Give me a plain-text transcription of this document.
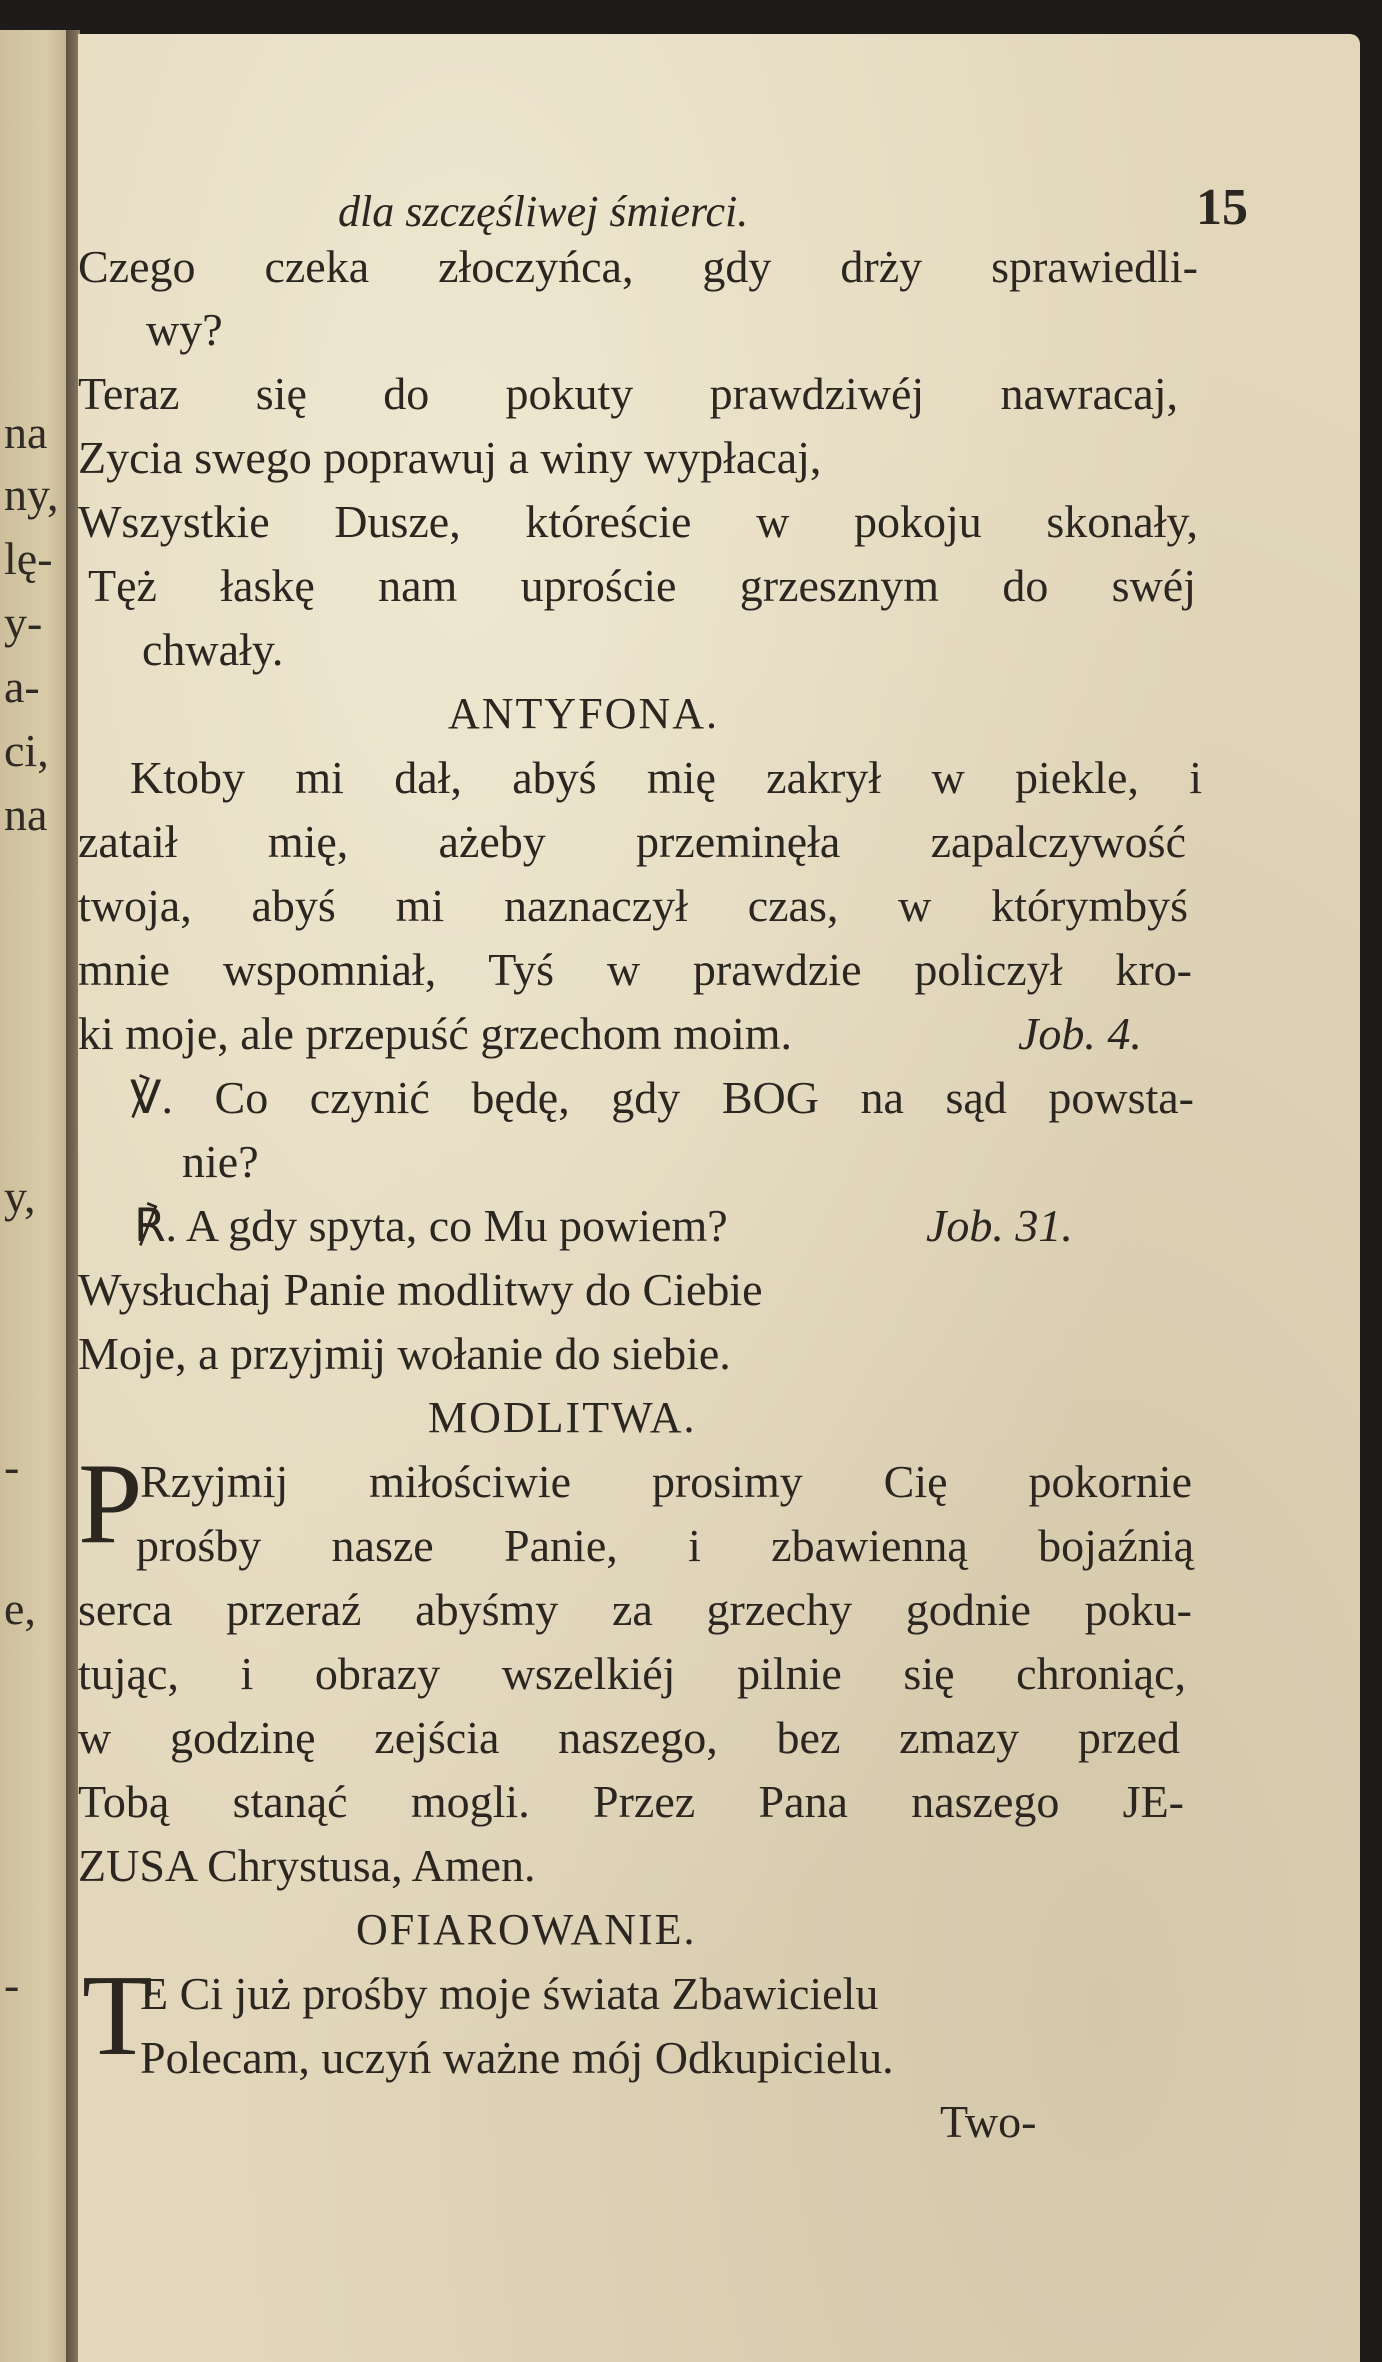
na
ny,
lę-
y-
a-
ci,
na
y,
-
e,
-
dla szczęśliwej śmierci.	15
Czego czeka złoczyńca, gdy drży sprawiedli-
wy?
Teraz się do pokuty prawdziwéj nawracaj,
Zycia swego poprawuj a winy wypłacaj,
Wszystkie Dusze, któreście w pokoju skonały,
Tęż łaskę nam uproście grzesznym do swéj
chwały.
ANTYFONA.
Ktoby mi dał, abyś mię zakrył w piekle, i
zataił mię, ażeby przeminęła zapalczywość
twoja, abyś mi naznaczył czas, w którymbyś
mnie wspomniał, Tyś w prawdzie policzył kro-
ki moje, ale przepuść grzechom moim.	Job. 4.
℣. Co czynić będę, gdy BOG na sąd powsta-
nie?
℟. A gdy spyta, co Mu powiem?	Job. 31.
Wysłuchaj Panie modlitwy do Ciebie
Moje, a przyjmij wołanie do siebie.
MODLITWA.
P
Rzyjmij miłościwie prosimy Cię pokornie
prośby nasze Panie, i zbawienną bojaźnią
serca przeraź abyśmy za grzechy godnie poku-
tując, i obrazy wszelkiéj pilnie się chroniąc,
w godzinę zejścia naszego, bez zmazy przed
Tobą stanąć mogli. Przez Pana naszego JE-
ZUSA Chrystusa, Amen.
OFIAROWANIE.
T
E Ci już prośby moje świata Zbawicielu
Polecam, uczyń ważne mój Odkupicielu.
Two-
